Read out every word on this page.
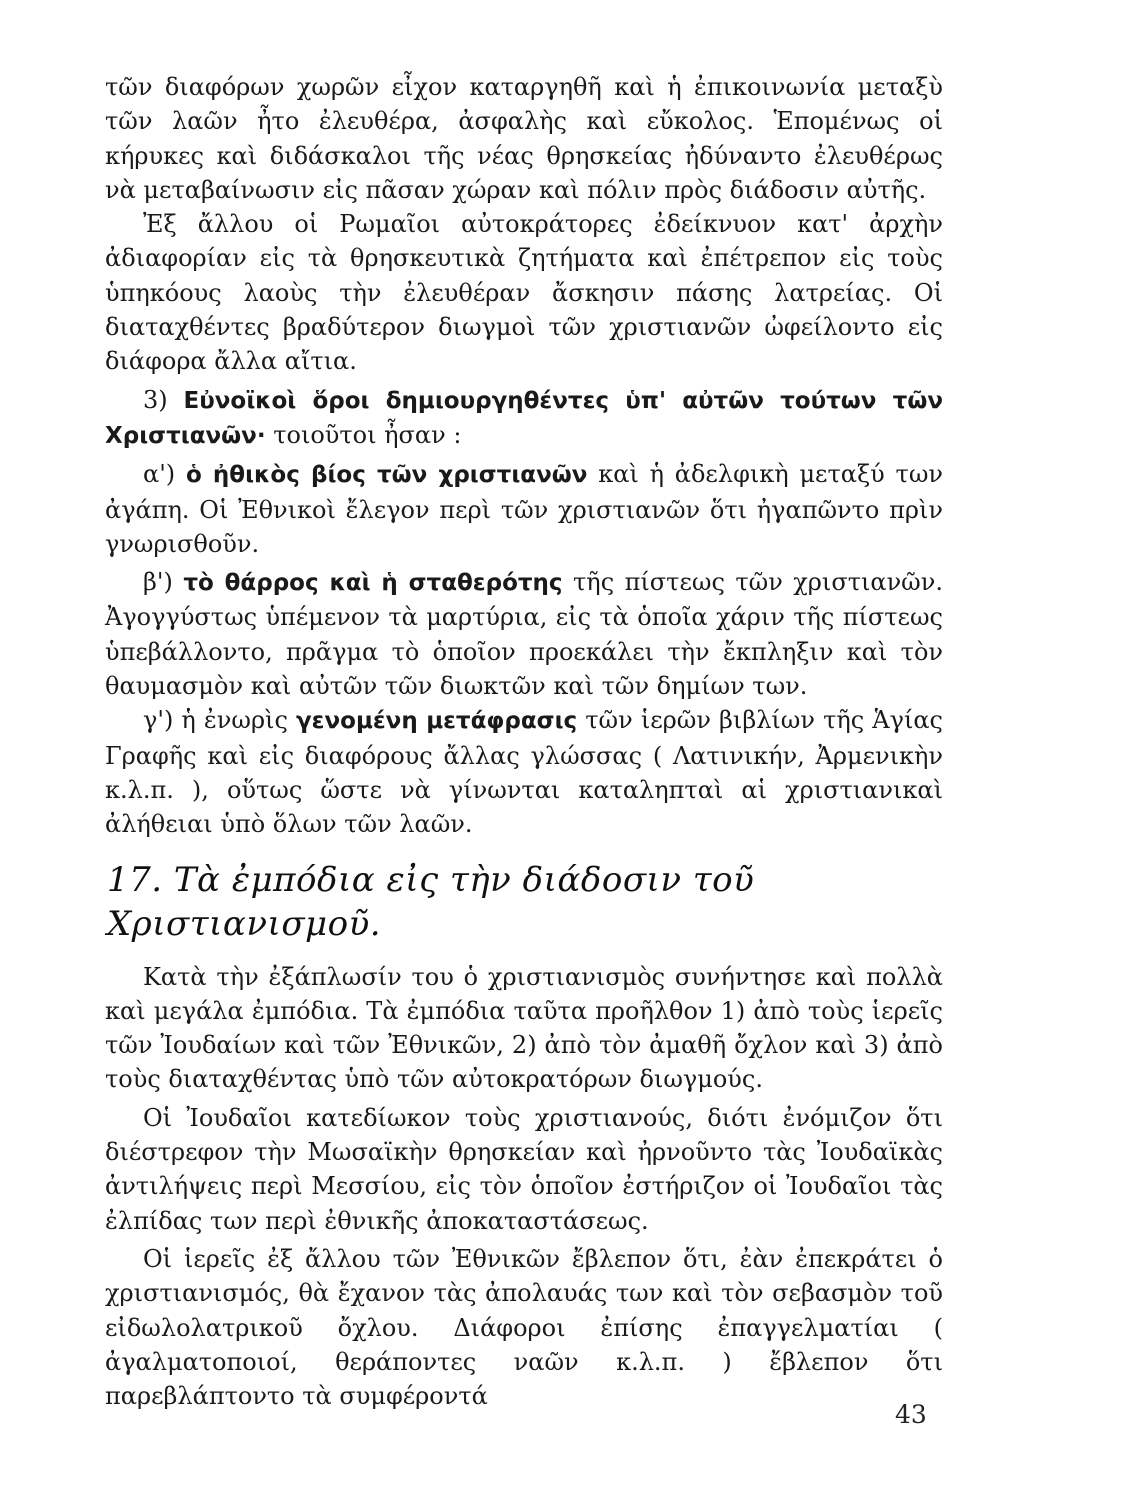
τῶν διαφόρων χωρῶν εἶχον καταργηθῆ καὶ ἡ ἐπικοινωνία μεταξὺ τῶν λαῶν ἦτο ἐλευθέρα, ἀσφαλὴς καὶ εὔκολος. Ἑπομένως οἱ κήρυκες καὶ διδάσκαλοι τῆς νέας θρησκείας ἠδύναντο ἐλευθέρως νὰ μεταβαίνωσιν εἰς πᾶσαν χώραν καὶ πόλιν πρὸς διάδοσιν αὐτῆς.

Ἐξ ἄλλου οἱ Ρωμαῖοι αὐτοκράτορες ἐδείκνυον κατ' ἀρχὴν ἀδιαφορίαν εἰς τὰ θρησκευτικὰ ζητήματα καὶ ἐπέτρεπον εἰς τοὺς ὑπηκόους λαοὺς τὴν ἐλευθέραν ἄσκησιν πάσης λατρείας. Οἱ διαταχθέντες βραδύτερον διωγμοὶ τῶν χριστιανῶν ὠφείλοντο εἰς διάφορα ἄλλα αἴτια.

3) Εὐνοϊκοὶ ὅροι δημιουργηθέντες ὑπ' αὐτῶν τούτων τῶν Χριστιανῶν· τοιοῦτοι ἦσαν :

α') ὁ ἠθικὸς βίος τῶν χριστιανῶν καὶ ἡ ἀδελφικὴ μεταξύ των ἀγάπη. Οἱ Ἐθνικοὶ ἔλεγον περὶ τῶν χριστιανῶν ὅτι ἠγαπῶντο πρὶν γνωρισθοῦν.

β') τὸ θάρρος καὶ ἡ σταθερότης τῆς πίστεως τῶν χριστιανῶν. Ἀγογγύστως ὑπέμενον τὰ μαρτύρια, εἰς τὰ ὁποῖα χάριν τῆς πίστεως ὑπεβάλλοντο, πρᾶγμα τὸ ὁποῖον προεκάλει τὴν ἔκπληξιν καὶ τὸν θαυμασμὸν καὶ αὐτῶν τῶν διωκτῶν καὶ τῶν δημίων των.

γ') ἡ ἐνωρὶς γενομένη μετάφρασις τῶν ἱερῶν βιβλίων τῆς Ἁγίας Γραφῆς καὶ εἰς διαφόρους ἄλλας γλώσσας ( Λατινικήν, Ἀρμενικὴν κ.λ.π. ), οὕτως ὥστε νὰ γίνωνται καταληπταὶ αἱ χριστιανικαὶ ἀλήθειαι ὑπὸ ὅλων τῶν λαῶν.

17. Τὰ ἐμπόδια εἰς τὴν διάδοσιν τοῦ Χριστιανισμοῦ.

Κατὰ τὴν ἐξάπλωσίν του ὁ χριστιανισμὸς συνήντησε καὶ πολλὰ καὶ μεγάλα ἐμπόδια. Τὰ ἐμπόδια ταῦτα προῆλθον 1) ἀπὸ τοὺς ἱερεῖς τῶν Ἰουδαίων καὶ τῶν Ἐθνικῶν, 2) ἀπὸ τὸν ἀμαθῆ ὄχλον καὶ 3) ἀπὸ τοὺς διαταχθέντας ὑπὸ τῶν αὐτοκρατόρων διωγμούς.

Οἱ Ἰουδαῖοι κατεδίωκον τοὺς χριστιανούς, διότι ἐνόμιζον ὅτι διέστρεφον τὴν Μωσαϊκὴν θρησκείαν καὶ ἠρνοῦντο τὰς Ἰουδαϊκὰς ἀντιλήψεις περὶ Μεσσίου, εἰς τὸν ὁποῖον ἐστήριζον οἱ Ἰουδαῖοι τὰς ἐλπίδας των περὶ ἐθνικῆς ἀποκαταστάσεως.

Οἱ ἱερεῖς ἐξ ἄλλου τῶν Ἐθνικῶν ἔβλεπον ὅτι, ἐὰν ἐπεκράτει ὁ χριστιανισμός, θὰ ἔχανον τὰς ἀπολαυάς των καὶ τὸν σεβασμὸν τοῦ εἰδωλολατρικοῦ ὄχλου. Διάφοροι ἐπίσης ἐπαγγελματίαι ( ἀγαλματοποιοί, θεράποντες ναῶν κ.λ.π. ) ἔβλεπον ὅτι παρεβλάπτοντο τὰ συμφέροντά

43
